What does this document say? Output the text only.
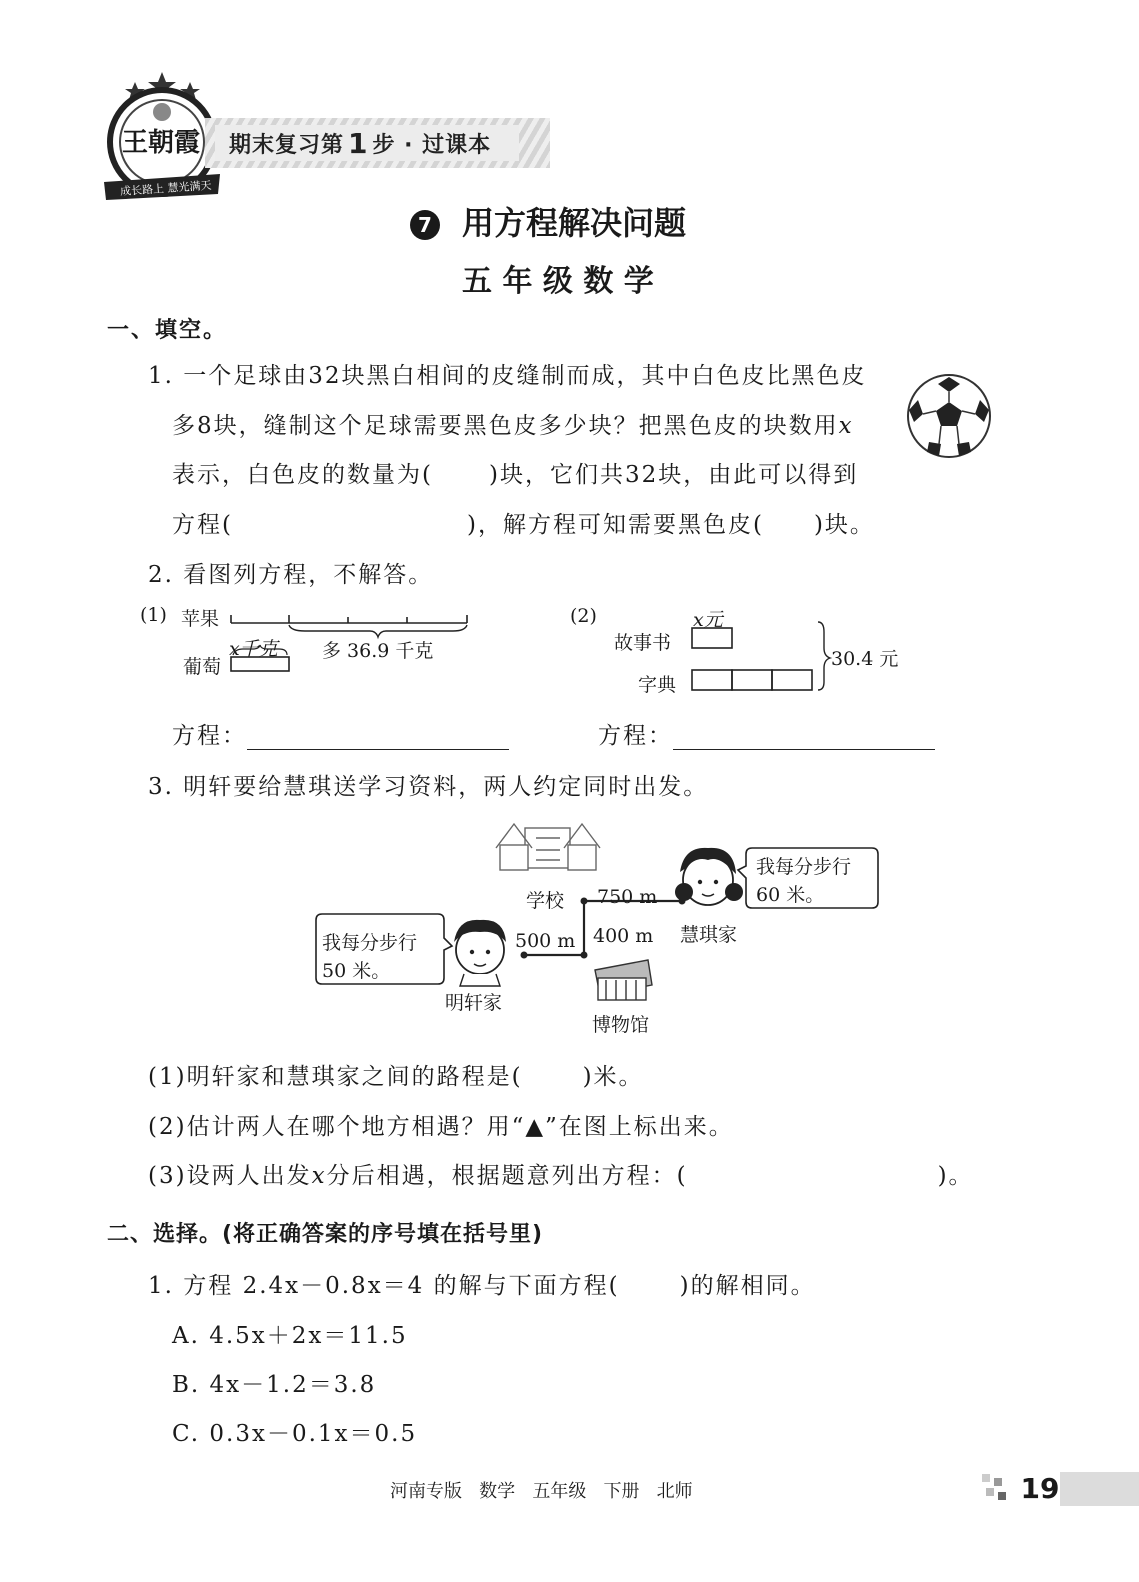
王朝霞
成长路上 慧光满天
期末复习第 1 步 · 过课本
7 用方程解决问题
五 年 级 数 学
一、填空。
1. 一个足球由32块黑白相间的皮缝制而成，其中白色皮比黑色皮
多8块，缝制这个足球需要黑色皮多少块？把黑色皮的块数用x
表示，白色皮的数量为( )块，它们共32块，由此可以得到
方程(	)，解方程可知需要黑色皮( )块。
2. 看图列方程，不解答。
(1) 苹果
葡萄
x千克 多 36.9 千克
(2)	x元
故事书
字典
30.4 元
方程：	方程：
3. 明轩要给慧琪送学习资料，两人约定同时出发。
我每分步行
50 米。
我每分步行
60 米。
学校 750 m
500 m 400 m 慧琪家
明轩家
博物馆
(1)明轩家和慧琪家之间的路程是(	)米。
(2)估计两人在哪个地方相遇？用“▲”在图上标出来。
(3)设两人出发x分后相遇，根据题意列出方程：(	)。
二、选择。(将正确答案的序号填在括号里)
1. 方程 2.4x－0.8x＝4 的解与下面方程(	)的解相同。
A. 4.5x＋2x＝11.5
B. 4x－1.2＝3.8
C. 0.3x－0.1x＝0.5
河南专版   数学   五年级   下册   北师	19
